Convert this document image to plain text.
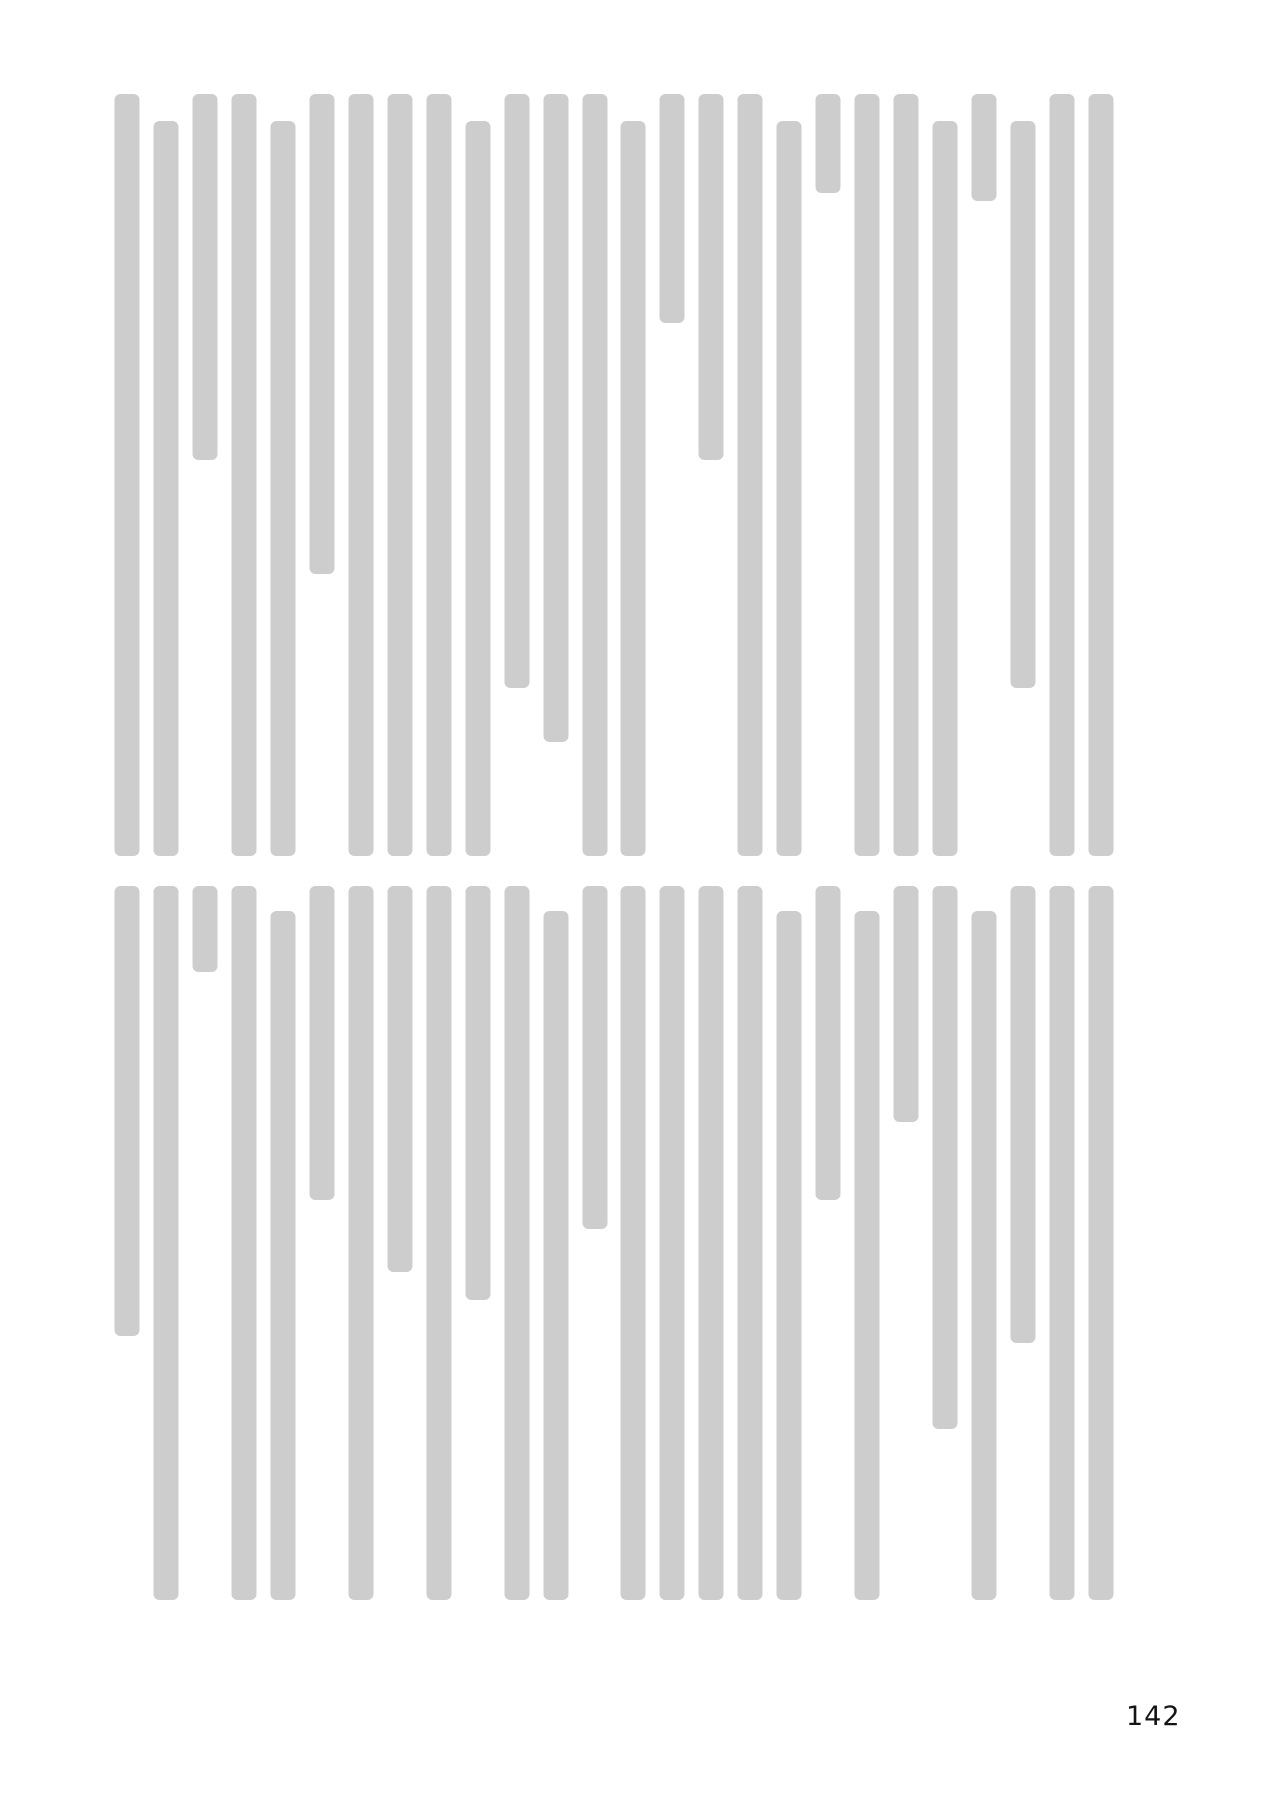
142
